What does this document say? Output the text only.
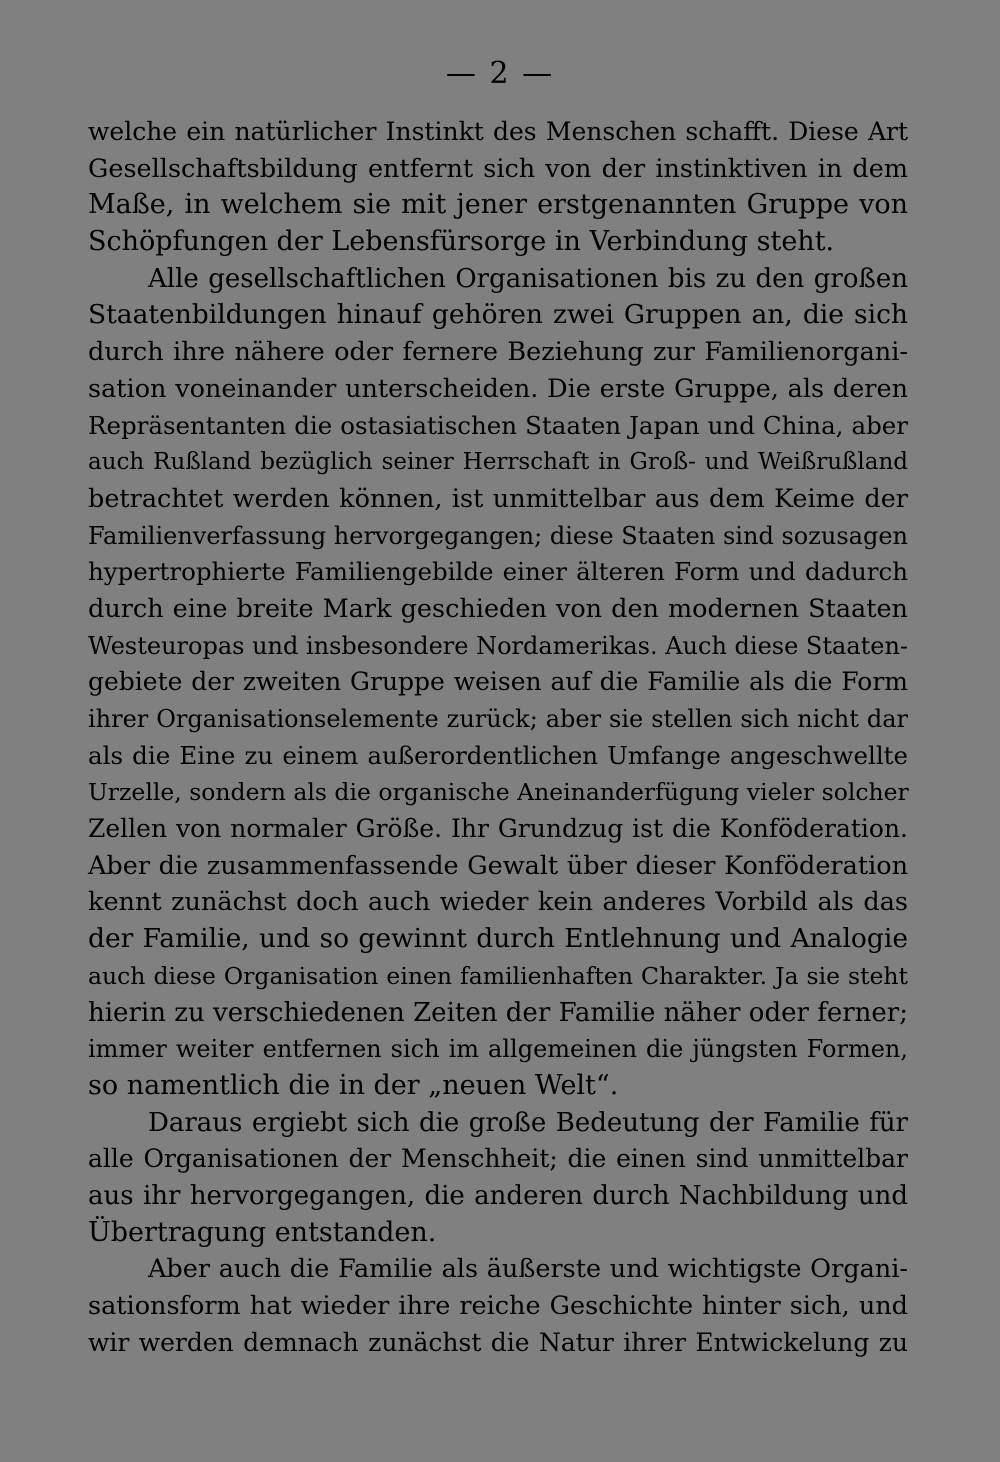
— 2 —
welche ein natürlicher Instinkt des Menschen schafft. Diese Art
Gesellschaftsbildung entfernt sich von der instinktiven in dem
Maße, in welchem sie mit jener erstgenannten Gruppe von
Schöpfungen der Lebensfürsorge in Verbindung steht.
Alle gesellschaftlichen Organisationen bis zu den großen
Staatenbildungen hinauf gehören zwei Gruppen an, die sich
durch ihre nähere oder fernere Beziehung zur Familienorgani-
sation voneinander unterscheiden. Die erste Gruppe, als deren
Repräsentanten die ostasiatischen Staaten Japan und China, aber
auch Rußland bezüglich seiner Herrschaft in Groß- und Weißrußland
betrachtet werden können, ist unmittelbar aus dem Keime der
Familienverfassung hervorgegangen; diese Staaten sind sozusagen
hypertrophierte Familiengebilde einer älteren Form und dadurch
durch eine breite Mark geschieden von den modernen Staaten
Westeuropas und insbesondere Nordamerikas. Auch diese Staaten-
gebiete der zweiten Gruppe weisen auf die Familie als die Form
ihrer Organisationselemente zurück; aber sie stellen sich nicht dar
als die Eine zu einem außerordentlichen Umfange angeschwellte
Urzelle, sondern als die organische Aneinanderfügung vieler solcher
Zellen von normaler Größe. Ihr Grundzug ist die Konföderation.
Aber die zusammenfassende Gewalt über dieser Konföderation
kennt zunächst doch auch wieder kein anderes Vorbild als das
der Familie, und so gewinnt durch Entlehnung und Analogie
auch diese Organisation einen familienhaften Charakter. Ja sie steht
hierin zu verschiedenen Zeiten der Familie näher oder ferner;
immer weiter entfernen sich im allgemeinen die jüngsten Formen,
so namentlich die in der „neuen Welt“.
Daraus ergiebt sich die große Bedeutung der Familie für
alle Organisationen der Menschheit; die einen sind unmittelbar
aus ihr hervorgegangen, die anderen durch Nachbildung und
Übertragung entstanden.
Aber auch die Familie als äußerste und wichtigste Organi-
sationsform hat wieder ihre reiche Geschichte hinter sich, und
wir werden demnach zunächst die Natur ihrer Entwickelung zu
